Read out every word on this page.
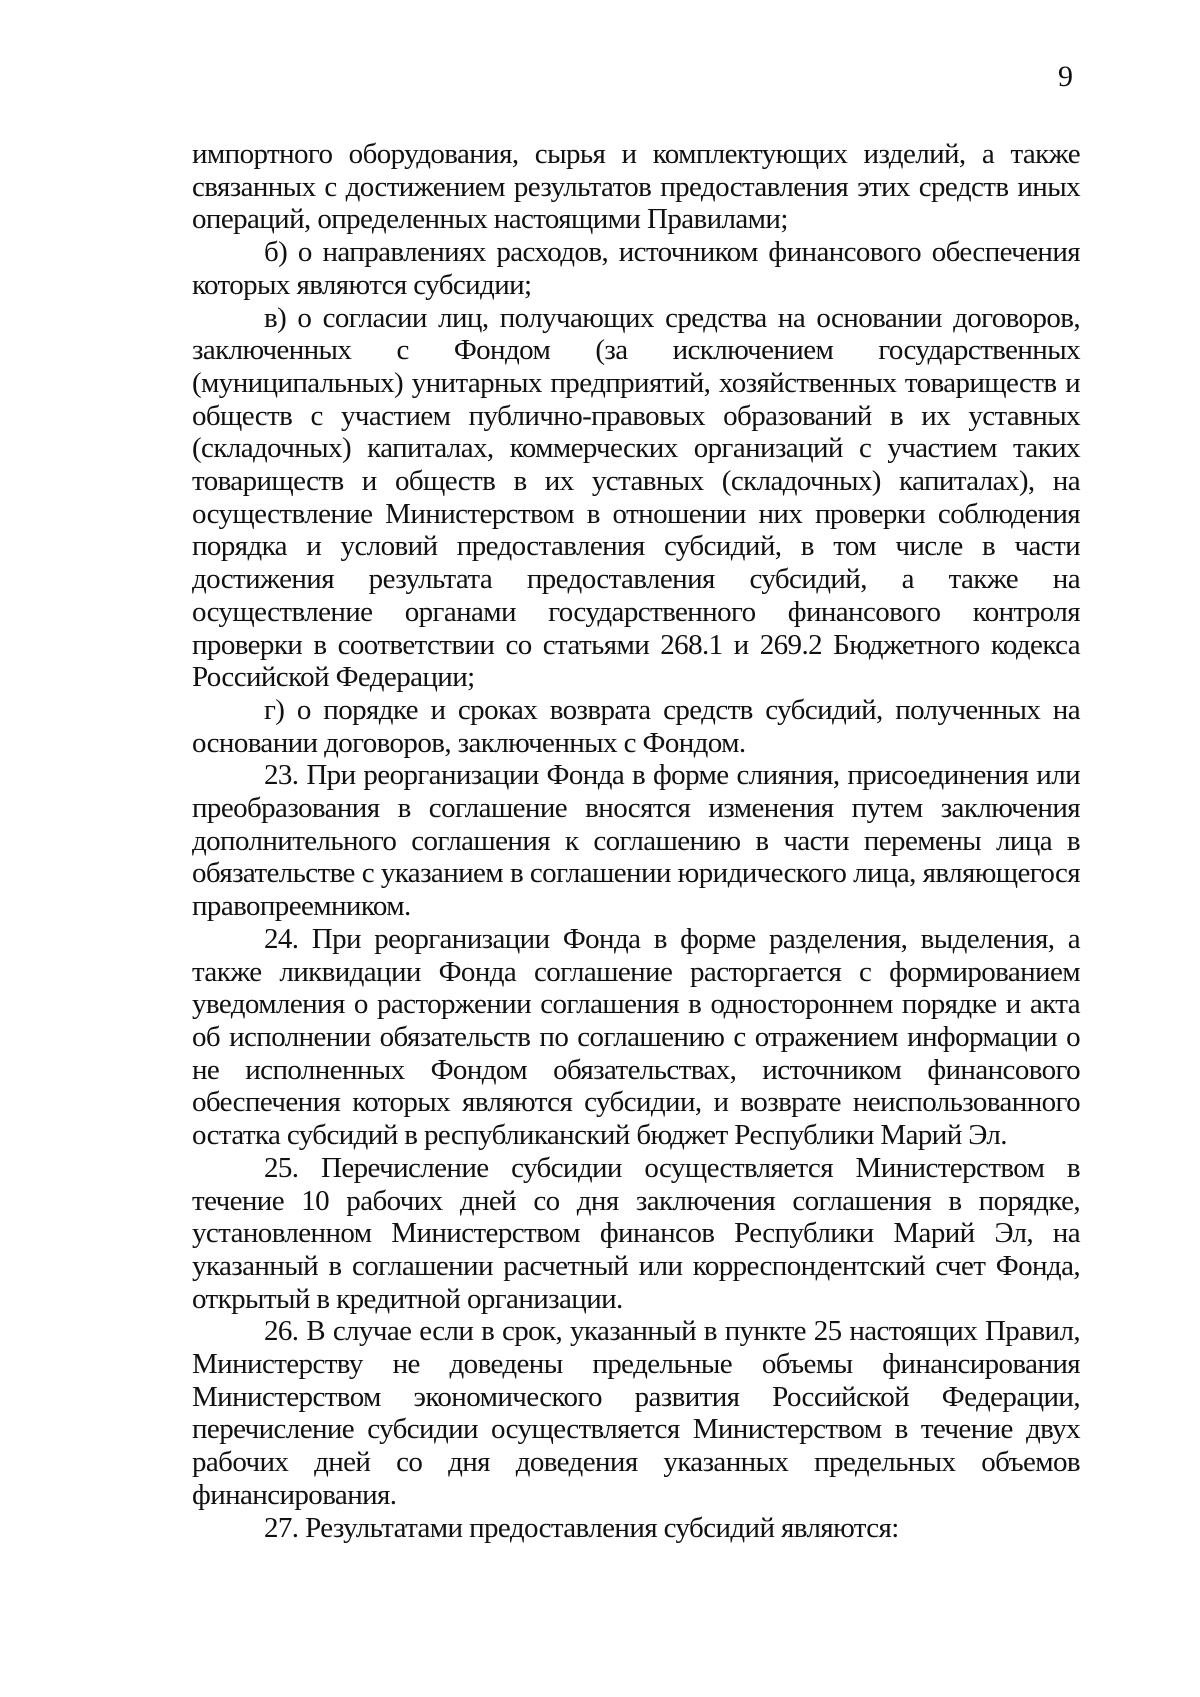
9

импортного оборудования, сырья и комплектующих изделий, а также связанных с достижением результатов предоставления этих средств иных операций, определенных настоящими Правилами;

б) о направлениях расходов, источником финансового обеспечения которых являются субсидии;

в) о согласии лиц, получающих средства на основании договоров, заключенных с Фондом (за исключением государственных (муниципальных) унитарных предприятий, хозяйственных товариществ и обществ с участием публично-правовых образований в их уставных (складочных) капиталах, коммерческих организаций с участием таких товариществ и обществ в их уставных (складочных) капиталах), на осуществление Министерством в отношении них проверки соблюдения порядка и условий предоставления субсидий, в том числе в части достижения результата предоставления субсидий, а также на осуществление органами государственного финансового контроля проверки в соответствии со статьями 268.1 и 269.2 Бюджетного кодекса Российской Федерации;

г) о порядке и сроках возврата средств субсидий, полученных на основании договоров, заключенных с Фондом.

23. При реорганизации Фонда в форме слияния, присоединения или преобразования в соглашение вносятся изменения путем заключения дополнительного соглашения к соглашению в части перемены лица в обязательстве с указанием в соглашении юридического лица, являющегося правопреемником.

24. При реорганизации Фонда в форме разделения, выделения, а также ликвидации Фонда соглашение расторгается с формированием уведомления о расторжении соглашения в одностороннем порядке и акта об исполнении обязательств по соглашению с отражением информации о не исполненных Фондом обязательствах, источником финансового обеспечения которых являются субсидии, и возврате неиспользованного остатка субсидий в республиканский бюджет Республики Марий Эл.

25. Перечисление субсидии осуществляется Министерством в течение 10 рабочих дней со дня заключения соглашения в порядке, установленном Министерством финансов Республики Марий Эл, на указанный в соглашении расчетный или корреспондентский счет Фонда, открытый в кредитной организации.

26. В случае если в срок, указанный в пункте 25 настоящих Правил, Министерству не доведены предельные объемы финансирования Министерством экономического развития Российской Федерации, перечисление субсидии осуществляется Министерством в течение двух рабочих дней со дня доведения указанных предельных объемов финансирования.

27. Результатами предоставления субсидий являются:
